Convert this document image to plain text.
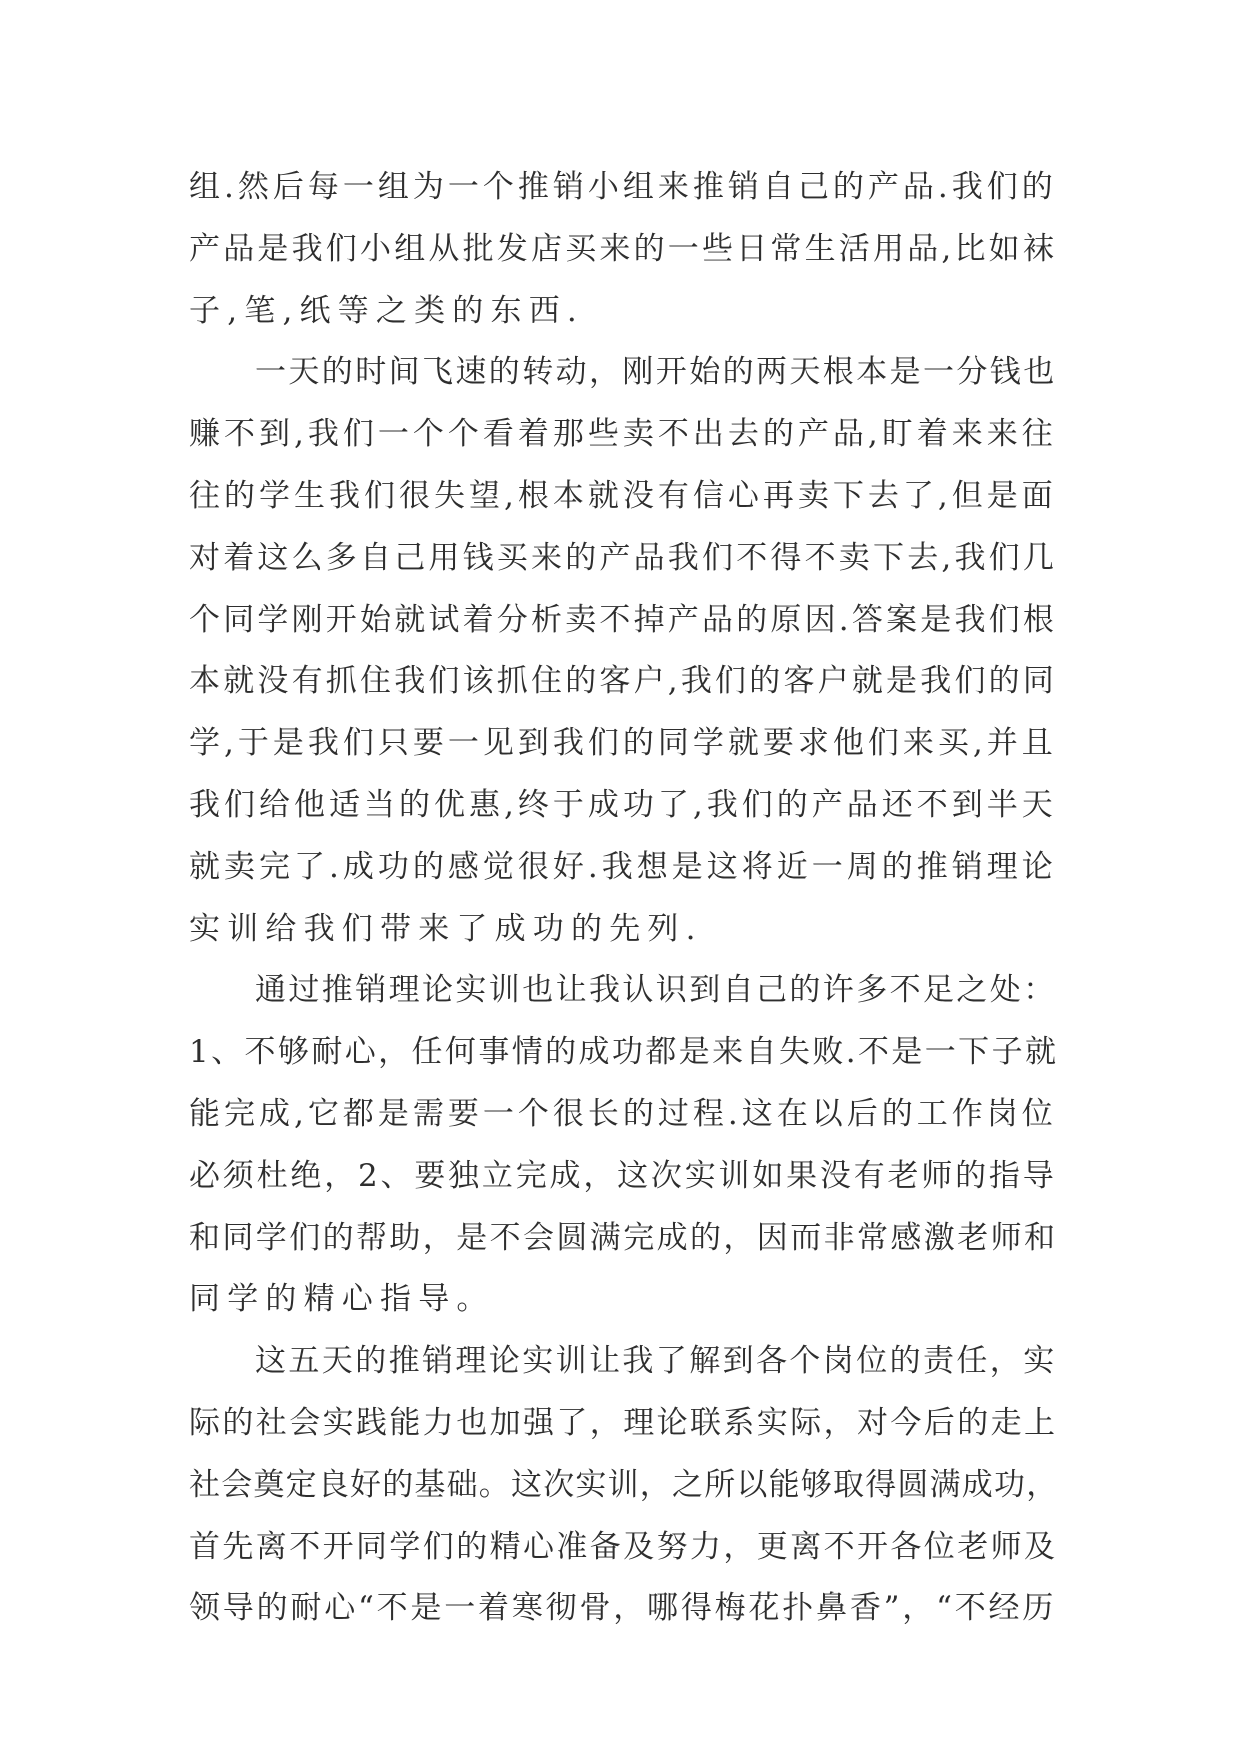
组.然后每一组为一个推销小组来推销自己的产品.我们的
产品是我们小组从批发店买来的一些日常生活用品,比如袜
子,笔,纸等之类的东西.
一天的时间飞速的转动，刚开始的两天根本是一分钱也
赚不到,我们一个个看着那些卖不出去的产品,盯着来来往
往的学生我们很失望,根本就没有信心再卖下去了,但是面
对着这么多自己用钱买来的产品我们不得不卖下去,我们几
个同学刚开始就试着分析卖不掉产品的原因.答案是我们根
本就没有抓住我们该抓住的客户,我们的客户就是我们的同
学,于是我们只要一见到我们的同学就要求他们来买,并且
我们给他适当的优惠,终于成功了,我们的产品还不到半天
就卖完了.成功的感觉很好.我想是这将近一周的推销理论
实训给我们带来了成功的先列.
通过推销理论实训也让我认识到自己的许多不足之处：
1、不够耐心，任何事情的成功都是来自失败.不是一下子就
能完成,它都是需要一个很长的过程.这在以后的工作岗位
必须杜绝，2、要独立完成，这次实训如果没有老师的指导
和同学们的帮助，是不会圆满完成的，因而非常感激老师和
同学的精心指导。
这五天的推销理论实训让我了解到各个岗位的责任，实
际的社会实践能力也加强了，理论联系实际，对今后的走上
社会奠定良好的基础。这次实训，之所以能够取得圆满成功，
首先离不开同学们的精心准备及努力，更离不开各位老师及
领导的耐心“不是一着寒彻骨，哪得梅花扑鼻香”，“不经历
